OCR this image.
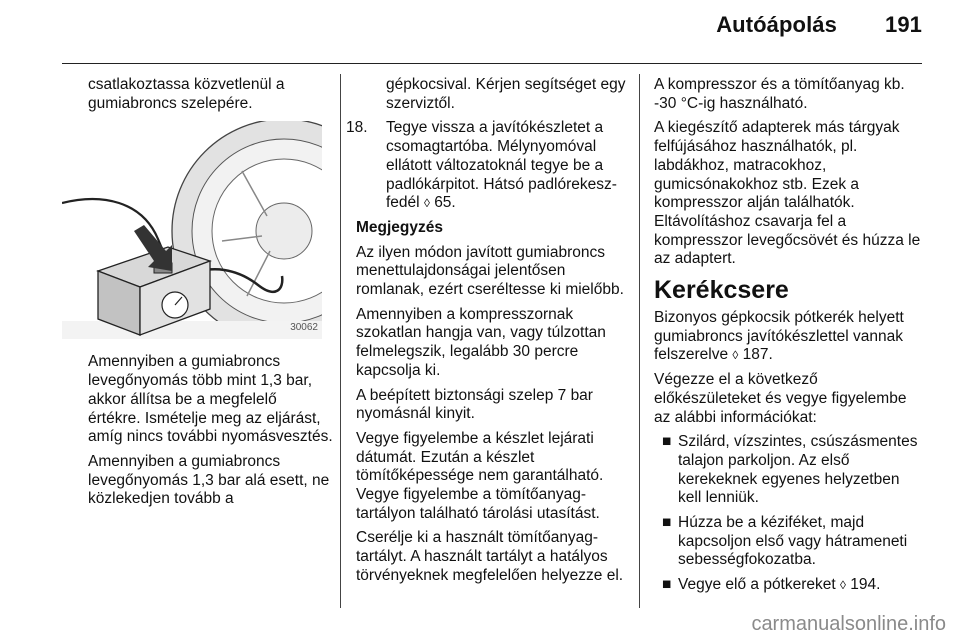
Autóápolás 191

csatlakoztassa közvetlenül a gumiabroncs szelepére.

30062

Amennyiben a gumiabroncs levegőnyomás több mint 1,3 bar, akkor állítsa be a megfelelő értékre. Ismételje meg az eljárást, amíg nincs további nyomásvesztés.

Amennyiben a gumiabroncs levegőnyomás 1,3 bar alá esett, ne közlekedjen tovább a

gépkocsival. Kérjen segítséget egy szerviztől.

18. Tegye vissza a javítókészletet a csomagtartóba. Mélynyomóval ellátott változatoknál tegye be a padlókárpitot. Hátsó padlórekesz-fedél ◊ 65.

Megjegyzés

Az ilyen módon javított gumiabroncs menettulajdonságai jelentősen romlanak, ezért cseréltesse ki mielőbb.

Amennyiben a kompresszornak szokatlan hangja van, vagy túlzottan felmelegszik, legalább 30 percre kapcsolja ki.

A beépített biztonsági szelep 7 bar nyomásnál kinyit.

Vegye figyelembe a készlet lejárati dátumát. Ezután a készlet tömítőképessége nem garantálható. Vegye figyelembe a tömítőanyag-tartályon található tárolási utasítást.

Cserélje ki a használt tömítőanyag-tartályt. A használt tartályt a hatályos törvényeknek megfelelően helyezze el.

A kompresszor és a tömítőanyag kb. -30 °C-ig használható.

A kiegészítő adapterek más tárgyak felfújásához használhatók, pl. labdákhoz, matracokhoz, gumicsónakokhoz stb. Ezek a kompresszor alján találhatók. Eltávolításhoz csavarja fel a kompresszor levegőcsövét és húzza le az adaptert.

Kerékcsere

Bizonyos gépkocsik pótkerék helyett gumiabroncs javítókészlettel vannak felszerelve ◊ 187.

Végezze el a következő előkészületeket és vegye figyelembe az alábbi információkat:

■ Szilárd, vízszintes, csúszásmentes talajon parkoljon. Az első kerekeknek egyenes helyzetben kell lenniük.
■ Húzza be a kéziféket, majd kapcsoljon első vagy hátrameneti sebességfokozatba.
■ Vegye elő a pótkereket ◊ 194.
carmanualsonline.info
